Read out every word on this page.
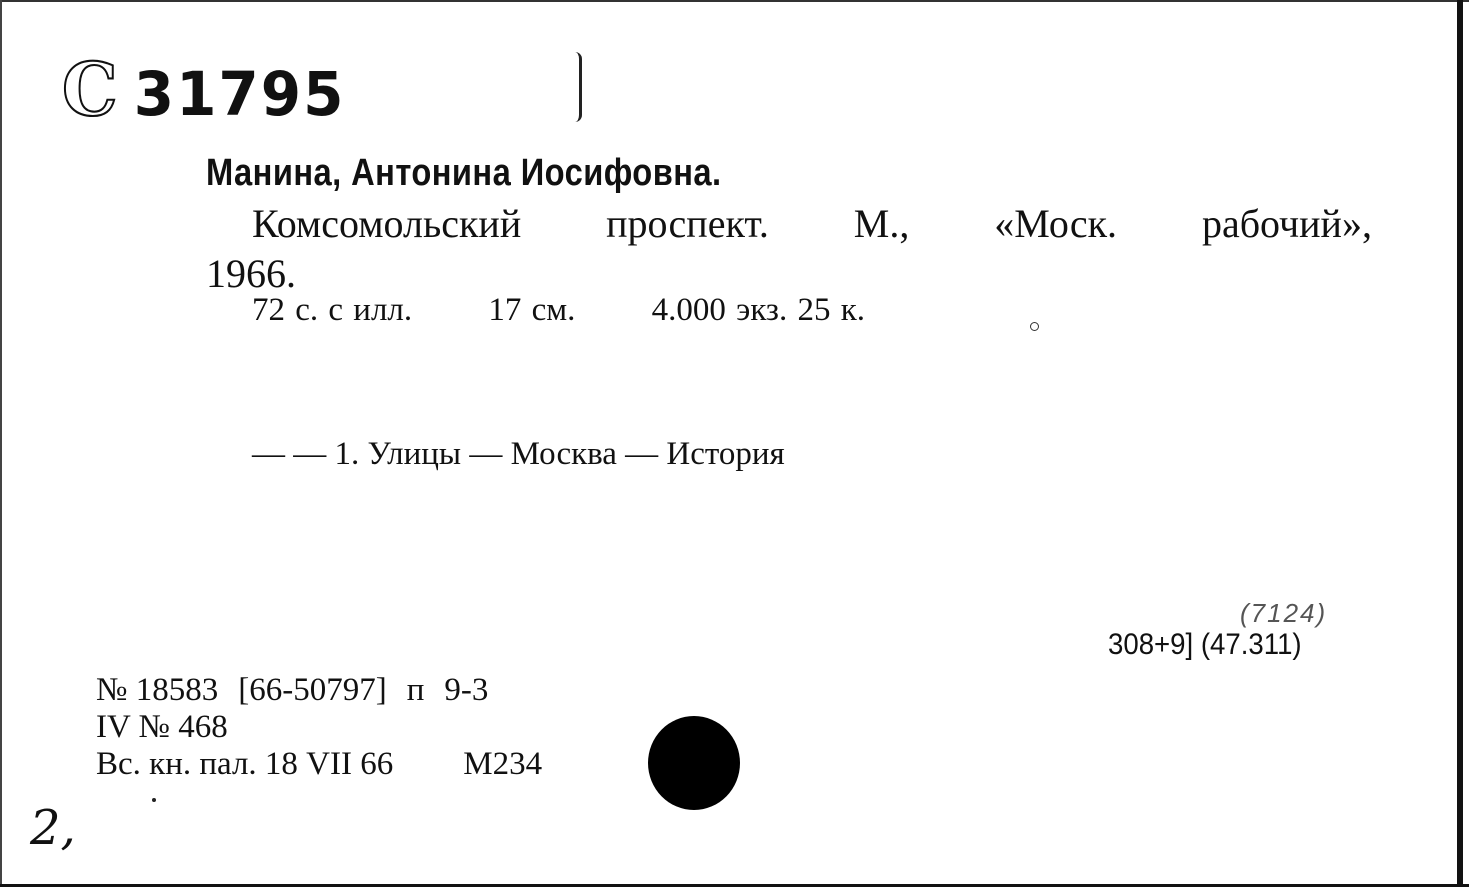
С 31795
Манина, Антонина Иосифовна.
Комсомольский проспект. М., «Моск. рабочий»,
1966.
72 с. с илл. 17 см. 4.000 экз. 25 к.
— — 1. Улицы — Москва — История
(7124)
308+9] (47.311)
№ 18583 [66-50797] п 9-3
IV № 468
Вс. кн. пал. 18 VII 66 М234
2,
